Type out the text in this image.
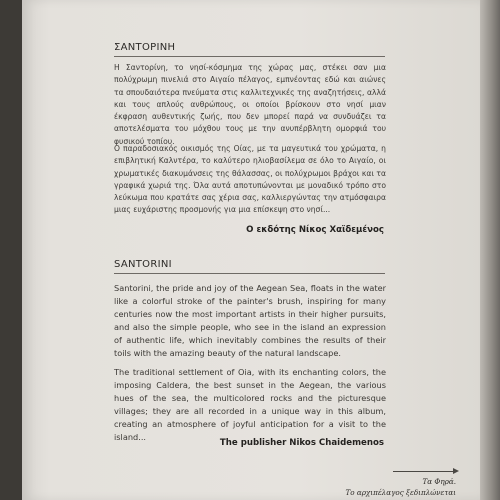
ΣΑΝΤΟΡΙΝΗ

Η Σαντορίνη, το νησί-κόσμημα της χώρας μας, στέκει σαν μια πολύχρωμη πινελιά στο Αιγαίο πέλαγος, εμπνέοντας εδώ και αιώνες τα σπουδαιότερα πνεύματα στις καλλιτεχνικές της αναζητήσεις, αλλά και τους απλούς ανθρώπους, οι οποίοι βρίσκουν στο νησί μιαν έκφραση αυθεντικής ζωής, που δεν μπορεί παρά να συνδυάζει τα αποτελέσματα του μόχθου τους με την ανυπέρβλητη ομορφιά του φυσικού τοπίου.

Ο παραδοσιακός οικισμός της Οίας, με τα μαγευτικά του χρώματα, η επιβλητική Καλντέρα, το καλύτερο ηλιοβασίλεμα σε όλο το Αιγαίο, οι χρωματικές διακυμάνσεις της θάλασσας, οι πολύχρωμοι βράχοι και τα γραφικά χωριά της. Όλα αυτά αποτυπώνονται με μοναδικό τρόπο στο λεύκωμα που κρατάτε σας χέρια σας, καλλιεργώντας την ατμόσφαιρα μιας ευχάριστης προσμονής για μια επίσκεψη στο νησί...

Ο εκδότης Νίκος Χαϊδεμένος
SANTORINI

Santorini, the pride and joy of the Aegean Sea, floats in the water like a colorful stroke of the painter's brush, inspiring for many centuries now the most important artists in their higher pursuits, and also the simple people, who see in the island an expression of authentic life, which inevitably combines the results of their toils with the amazing beauty of the natural landscape.

The traditional settlement of Oia, with its enchanting colors, the imposing Caldera, the best sunset in the Aegean, the various hues of the sea, the multicolored rocks and the picturesque villages; they are all recorded in a unique way in this album, creating an atmosphere of joyful anticipation for a visit to the island...

The publisher Nikos Chaidemenos
Τα Φηρά.
Το αρχιπέλαγος ξεδιπλώνεται
